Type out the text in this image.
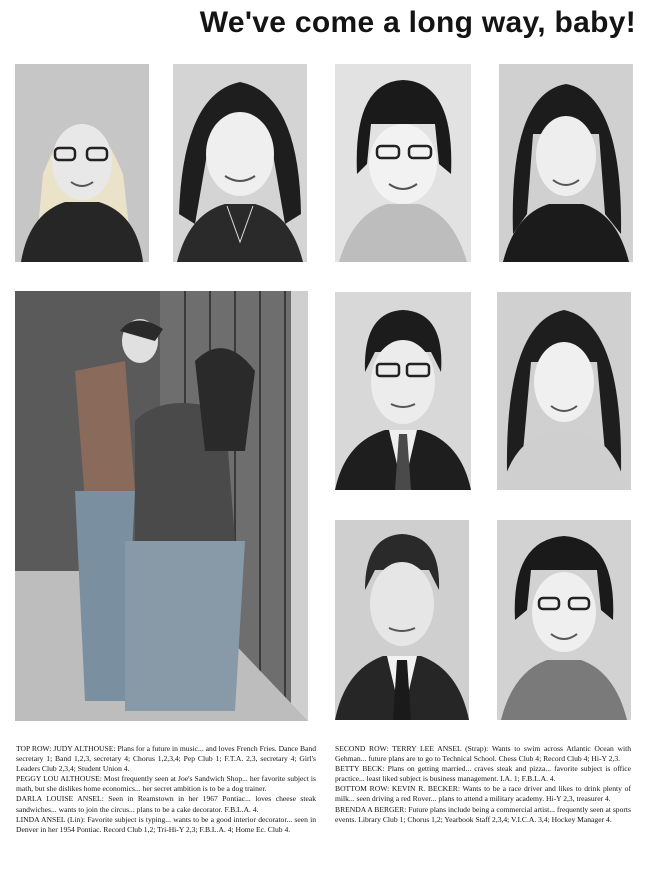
We've come a long way, baby!

TOP ROW: JUDY ALTHOUSE: Plans for a future in music... and loves French Fries. Dance Band secretary 1; Band 1,2,3, secretary 4; Chorus 1,2,3,4; Pep Club 1; F.T.A. 2,3, secretary 4; Girl's Leaders Club 2,3,4; Student Union 4.

PEGGY LOU ALTHOUSE: Most frequently seen at Joe's Sandwich Shop... her favorite subject is math, but she dislikes home economics... her secret ambition is to be a dog trainer.

DARLA LOUISE ANSEL: Seen in Reamstown in her 1967 Pontiac... loves cheese steak sandwiches... wants to join the circus... plans to be a cake decorator. F.B.L.A. 4.

LINDA ANSEL (Lin): Favorite subject is typing... wants to be a good interior decorator... seen in Denver in her 1954 Pontiac. Record Club 1,2; Tri-Hi-Y 2,3; F.B.L.A. 4; Home Ec. Club 4.

SECOND ROW: TERRY LEE ANSEL (Strap): Wants to swim across Atlantic Ocean with Gehman... future plans are to go to Technical School. Chess Club 4; Record Club 4; Hi-Y 2,3.

BETTY BECK: Plans on getting married... craves steak and pizza... favorite subject is office practice... least liked subject is business management. I.A. 1; F.B.L.A. 4.

BOTTOM ROW: KEVIN R. BECKER: Wants to be a race driver and likes to drink plenty of milk... seen driving a red Rover... plans to attend a military academy. Hi-Y 2,3, treasurer 4.

BRENDA A BERGER: Future plans include being a commercial artist... frequently seen at sports events. Library Club 1; Chorus 1,2; Yearbook Staff 2,3,4; V.I.C.A. 3,4; Hockey Manager 4.
